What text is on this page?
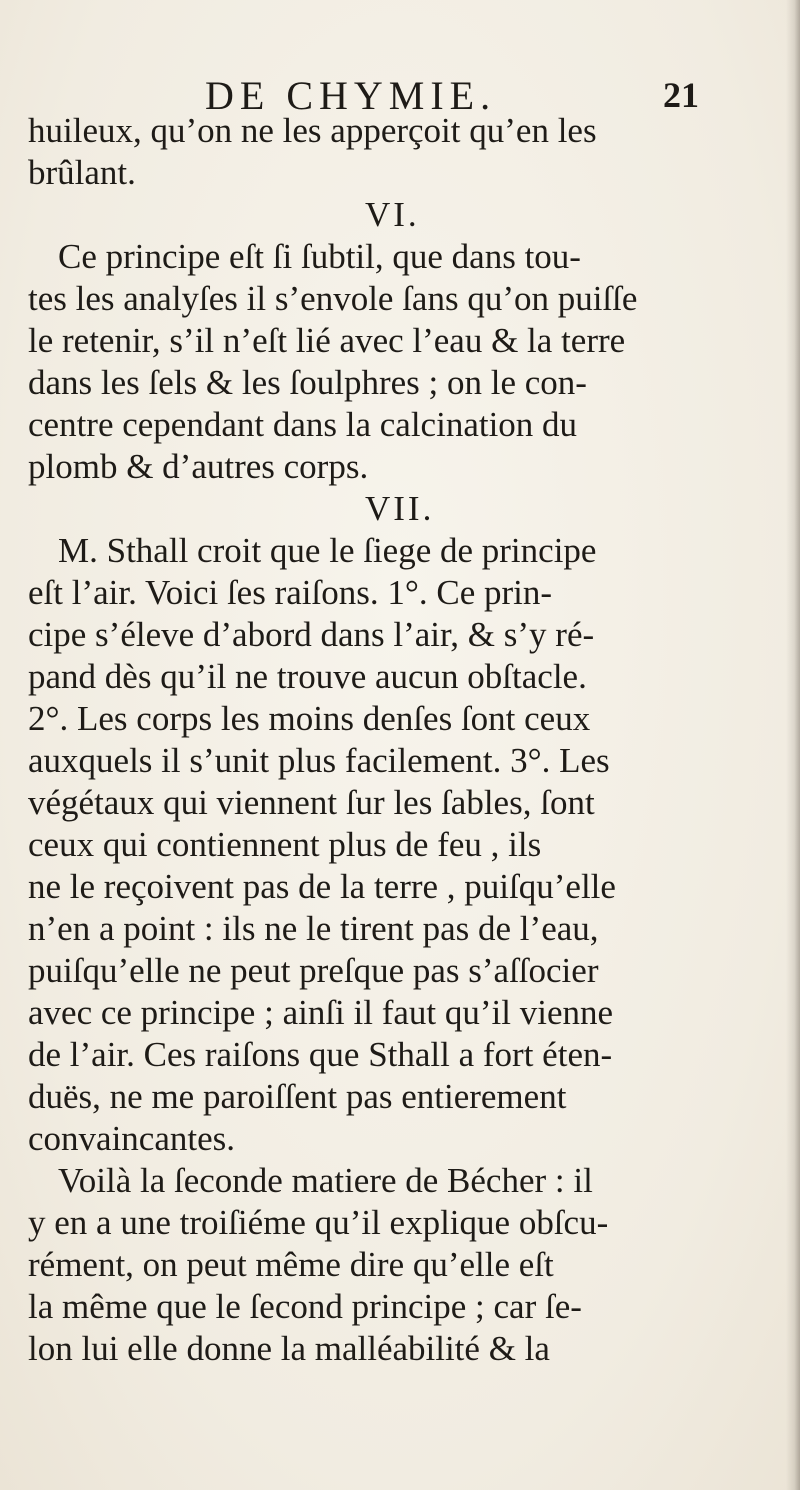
DE CHYMIE.	21

huileux, qu’on ne les apperçoit qu’en les

brûlant.

VI.

Ce principe eſt ſi ſubtil, que dans tou-

tes les analyſes il s’envole ſans qu’on puiſſe

le retenir, s’il n’eſt lié avec l’eau & la terre

dans les ſels & les ſoulphres ; on le con-

centre cependant dans la calcination du

plomb & d’autres corps.

VII.

M. Sthall croit que le ſiege de principe

eſt l’air. Voici ſes raiſons. 1°. Ce prin-

cipe s’éleve d’abord dans l’air, & s’y ré-

pand dès qu’il ne trouve aucun obſtacle.

2°. Les corps les moins denſes ſont ceux

auxquels il s’unit plus facilement. 3°. Les

végétaux qui viennent ſur les ſables, ſont

ceux qui contiennent plus de feu , ils

ne le reçoivent pas de la terre , puiſqu’elle

n’en a point : ils ne le tirent pas de l’eau,

puiſqu’elle ne peut preſque pas s’aſſocier

avec ce principe ; ainſi il faut qu’il vienne

de l’air. Ces raiſons que Sthall a fort éten-

duës, ne me paroiſſent pas entierement

convaincantes.

Voilà la ſeconde matiere de Bécher : il

y en a une troiſiéme qu’il explique obſcu-

rément, on peut même dire qu’elle eſt

la même que le ſecond principe ; car ſe-

lon lui elle donne la malléabilité & la
